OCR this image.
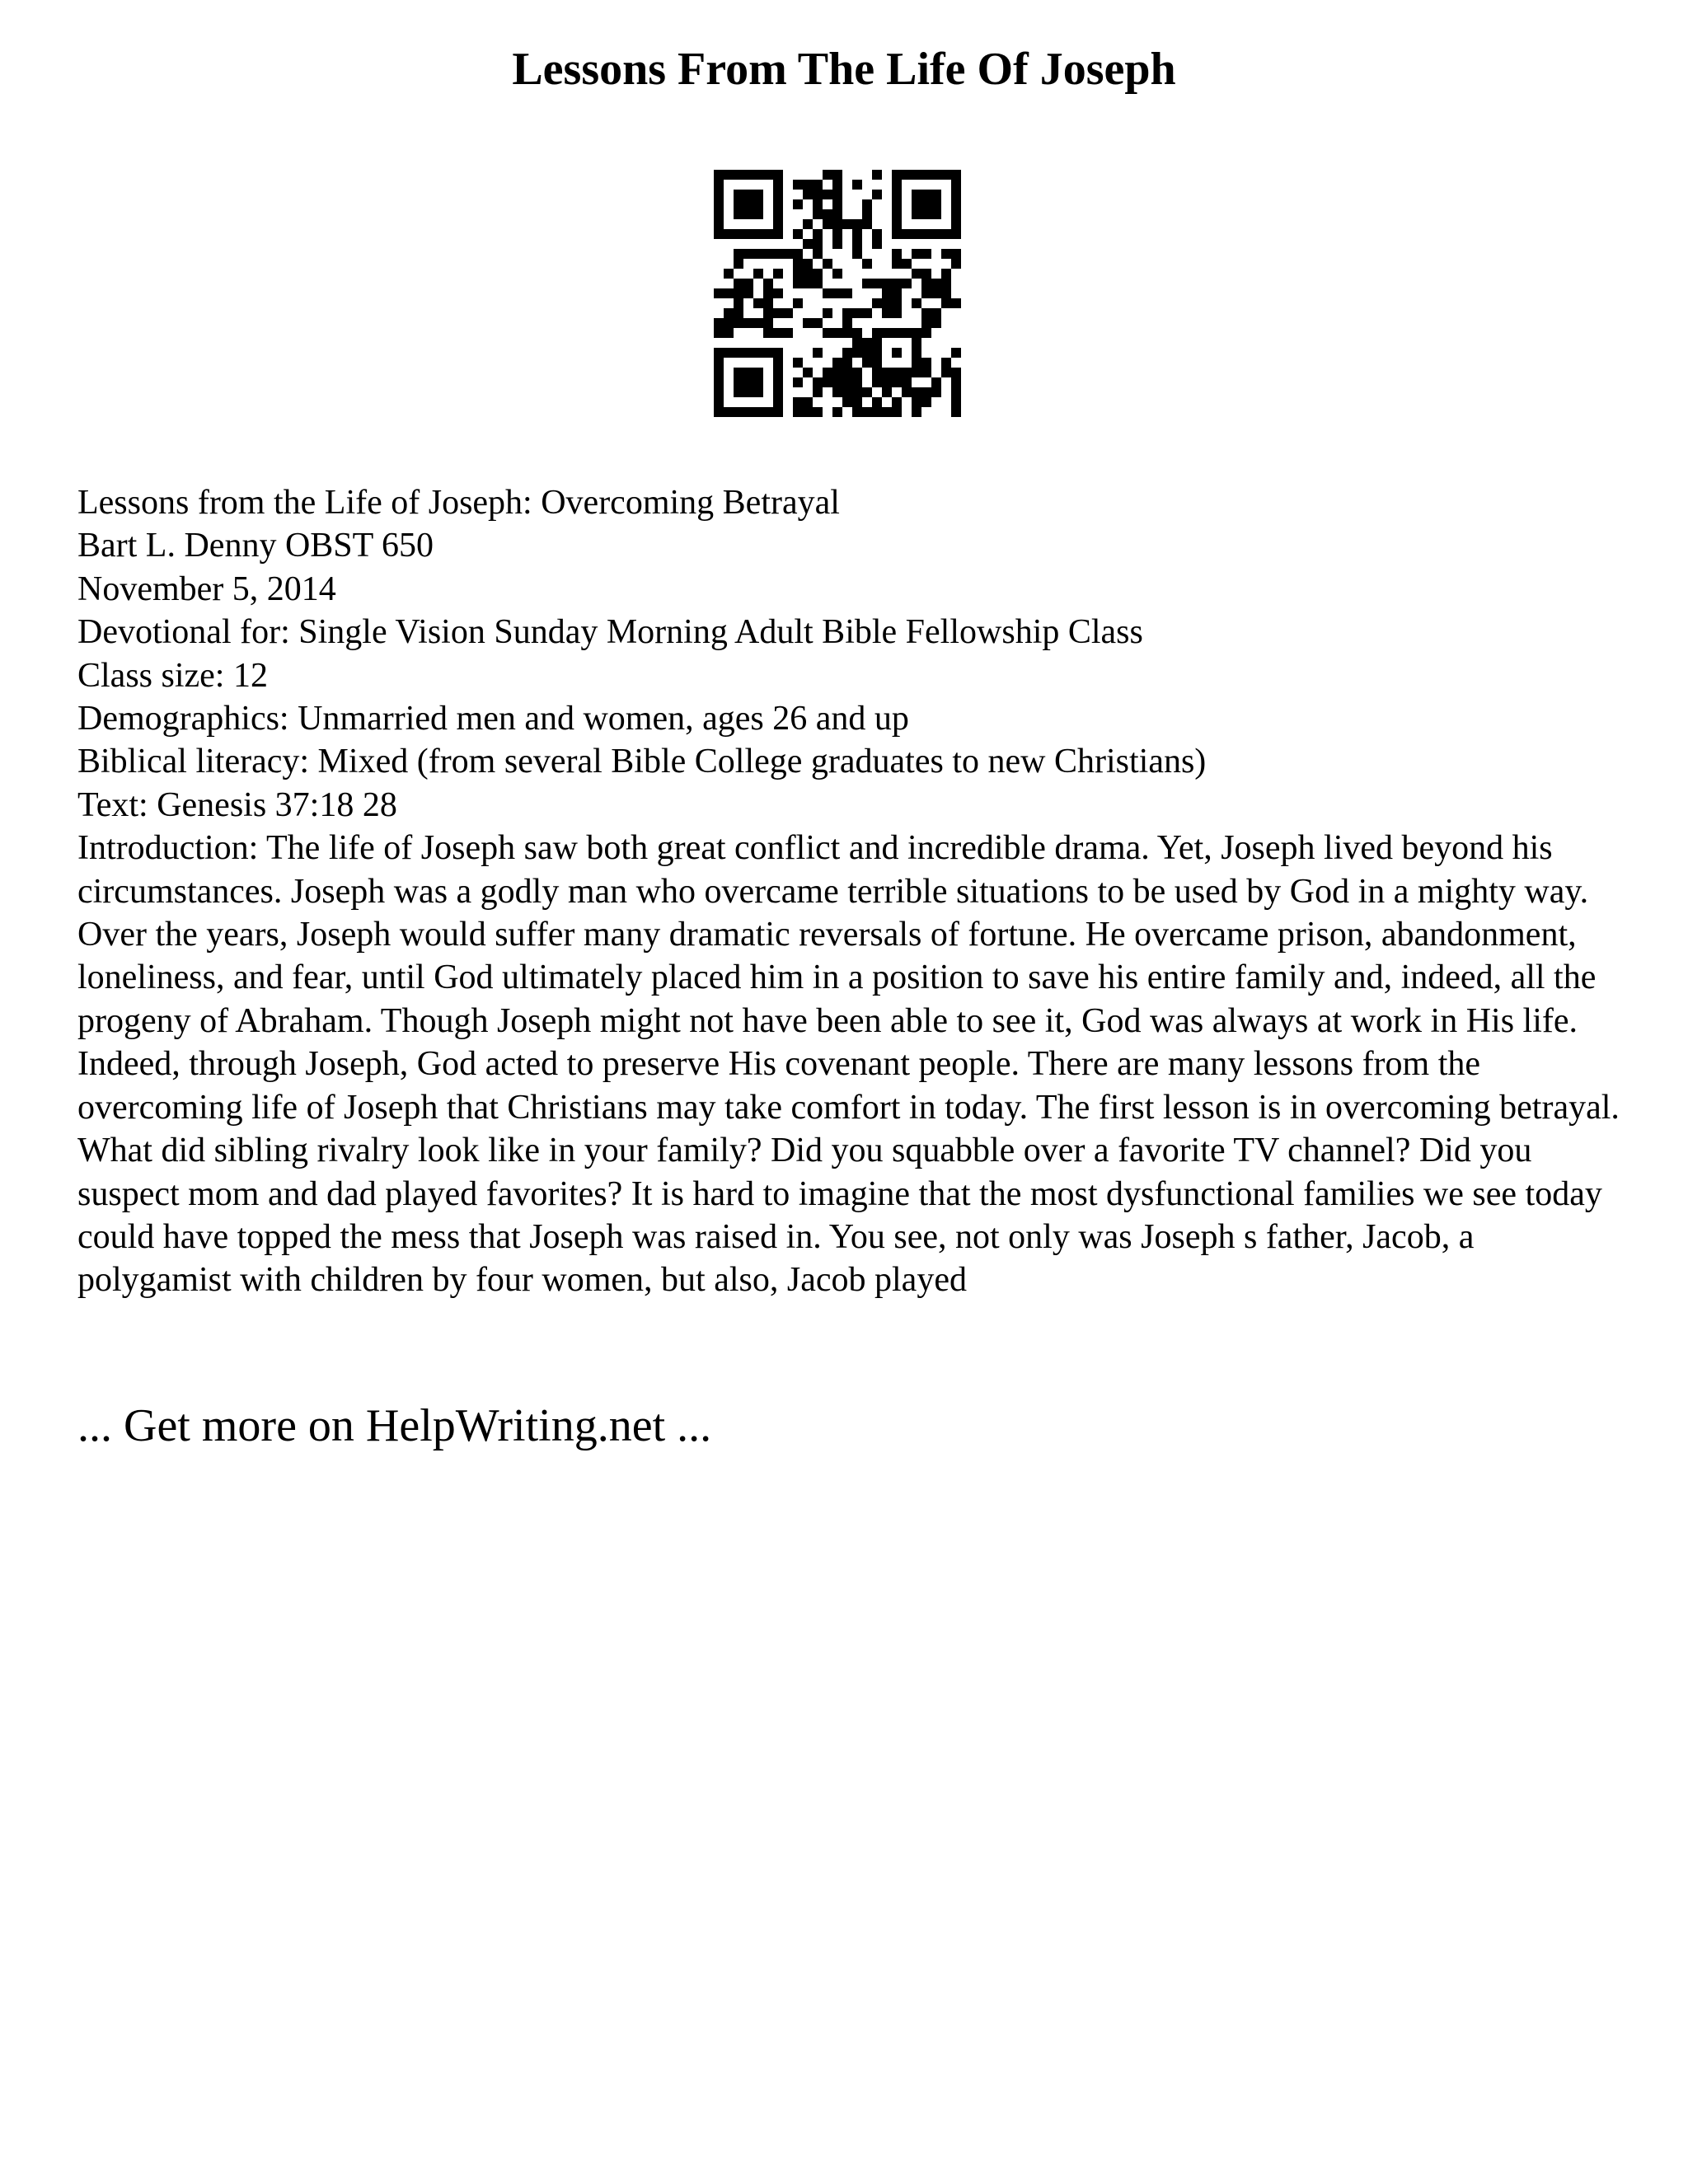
Lessons From The Life Of Joseph
Lessons from the Life of Joseph: Overcoming Betrayal
Bart L. Denny OBST 650
November 5, 2014
Devotional for: Single Vision Sunday Morning Adult Bible Fellowship Class
Class size: 12
Demographics: Unmarried men and women, ages 26 and up
Biblical literacy: Mixed (from several Bible College graduates to new Christians)
Text: Genesis 37:18 28
Introduction: The life of Joseph saw both great conflict and incredible drama. Yet, Joseph lived beyond his circumstances. Joseph was a godly man who overcame terrible situations to be used by God in a mighty way. Over the years, Joseph would suffer many dramatic reversals of fortune. He overcame prison, abandonment, loneliness, and fear, until God ultimately placed him in a position to save his entire family and, indeed, all the progeny of Abraham. Though Joseph might not have been able to see it, God was always at work in His life. Indeed, through Joseph, God acted to preserve His covenant people. There are many lessons from the overcoming life of Joseph that Christians may take comfort in today. The first lesson is in overcoming betrayal.
What did sibling rivalry look like in your family? Did you squabble over a favorite TV channel? Did you suspect mom and dad played favorites? It is hard to imagine that the most dysfunctional families we see today could have topped the mess that Joseph was raised in. You see, not only was Joseph s father, Jacob, a polygamist with children by four women, but also, Jacob played
... Get more on HelpWriting.net ...
